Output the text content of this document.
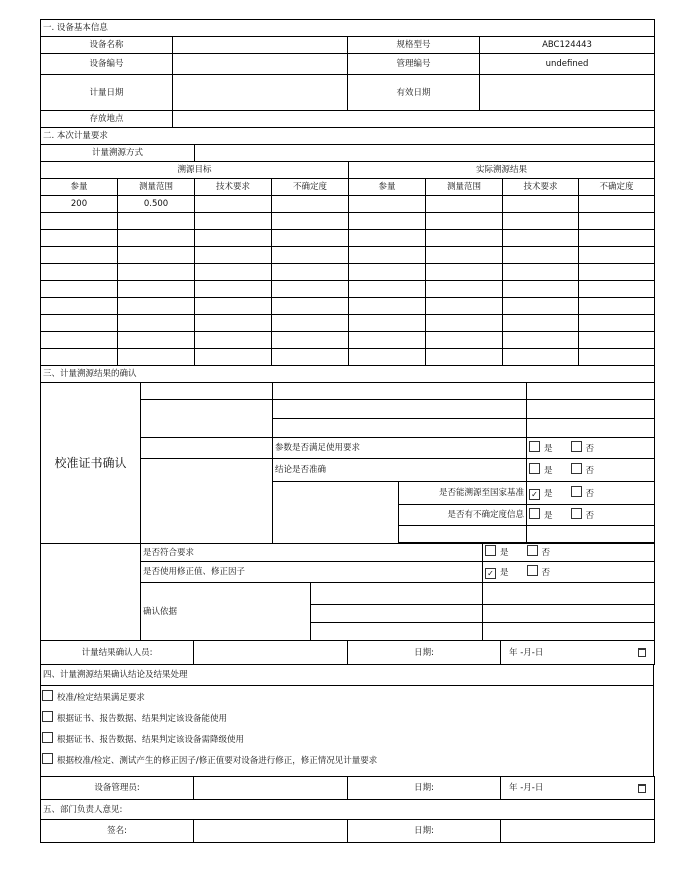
一. 设备基本信息			
设备名称		规格型号	ABC124443
设备编号		管理编号	undefined
计量日期		有效日期	
存放地点			
二. 本次计量要求							
计量溯源方式							
溯源目标				实际溯源结果			
参量	测量范围	技术要求	不确定度	参量	测量范围	技术要求	不确定度
200	0.500						

三、计量溯源结果的确认				
校准证书确认				

		参数是否满足使用要求		是 否
		结论是否准确		是 否
			是否能溯源至国家基准	✓ 是 否
			是否有不确定度信息	是 否

	是否符合要求		是 否
	是否使用修正值、修正因子		✓ 是 否
	确认依据		

计量结果确认人员:		日期:	年 -月-日
四、计量溯源结果确认结论及结果处理

校准/检定结果满足要求
根据证书、报告数据、结果判定该设备能使用
根据证书、报告数据、结果判定该设备需降级使用
根据校准/检定、测试产生的修正因子/修正值要对设备进行修正，修正情况见计量要求
设备管理员:		日期:	年 -月-日
五、部门负责人意见:
签名:		日期:	
